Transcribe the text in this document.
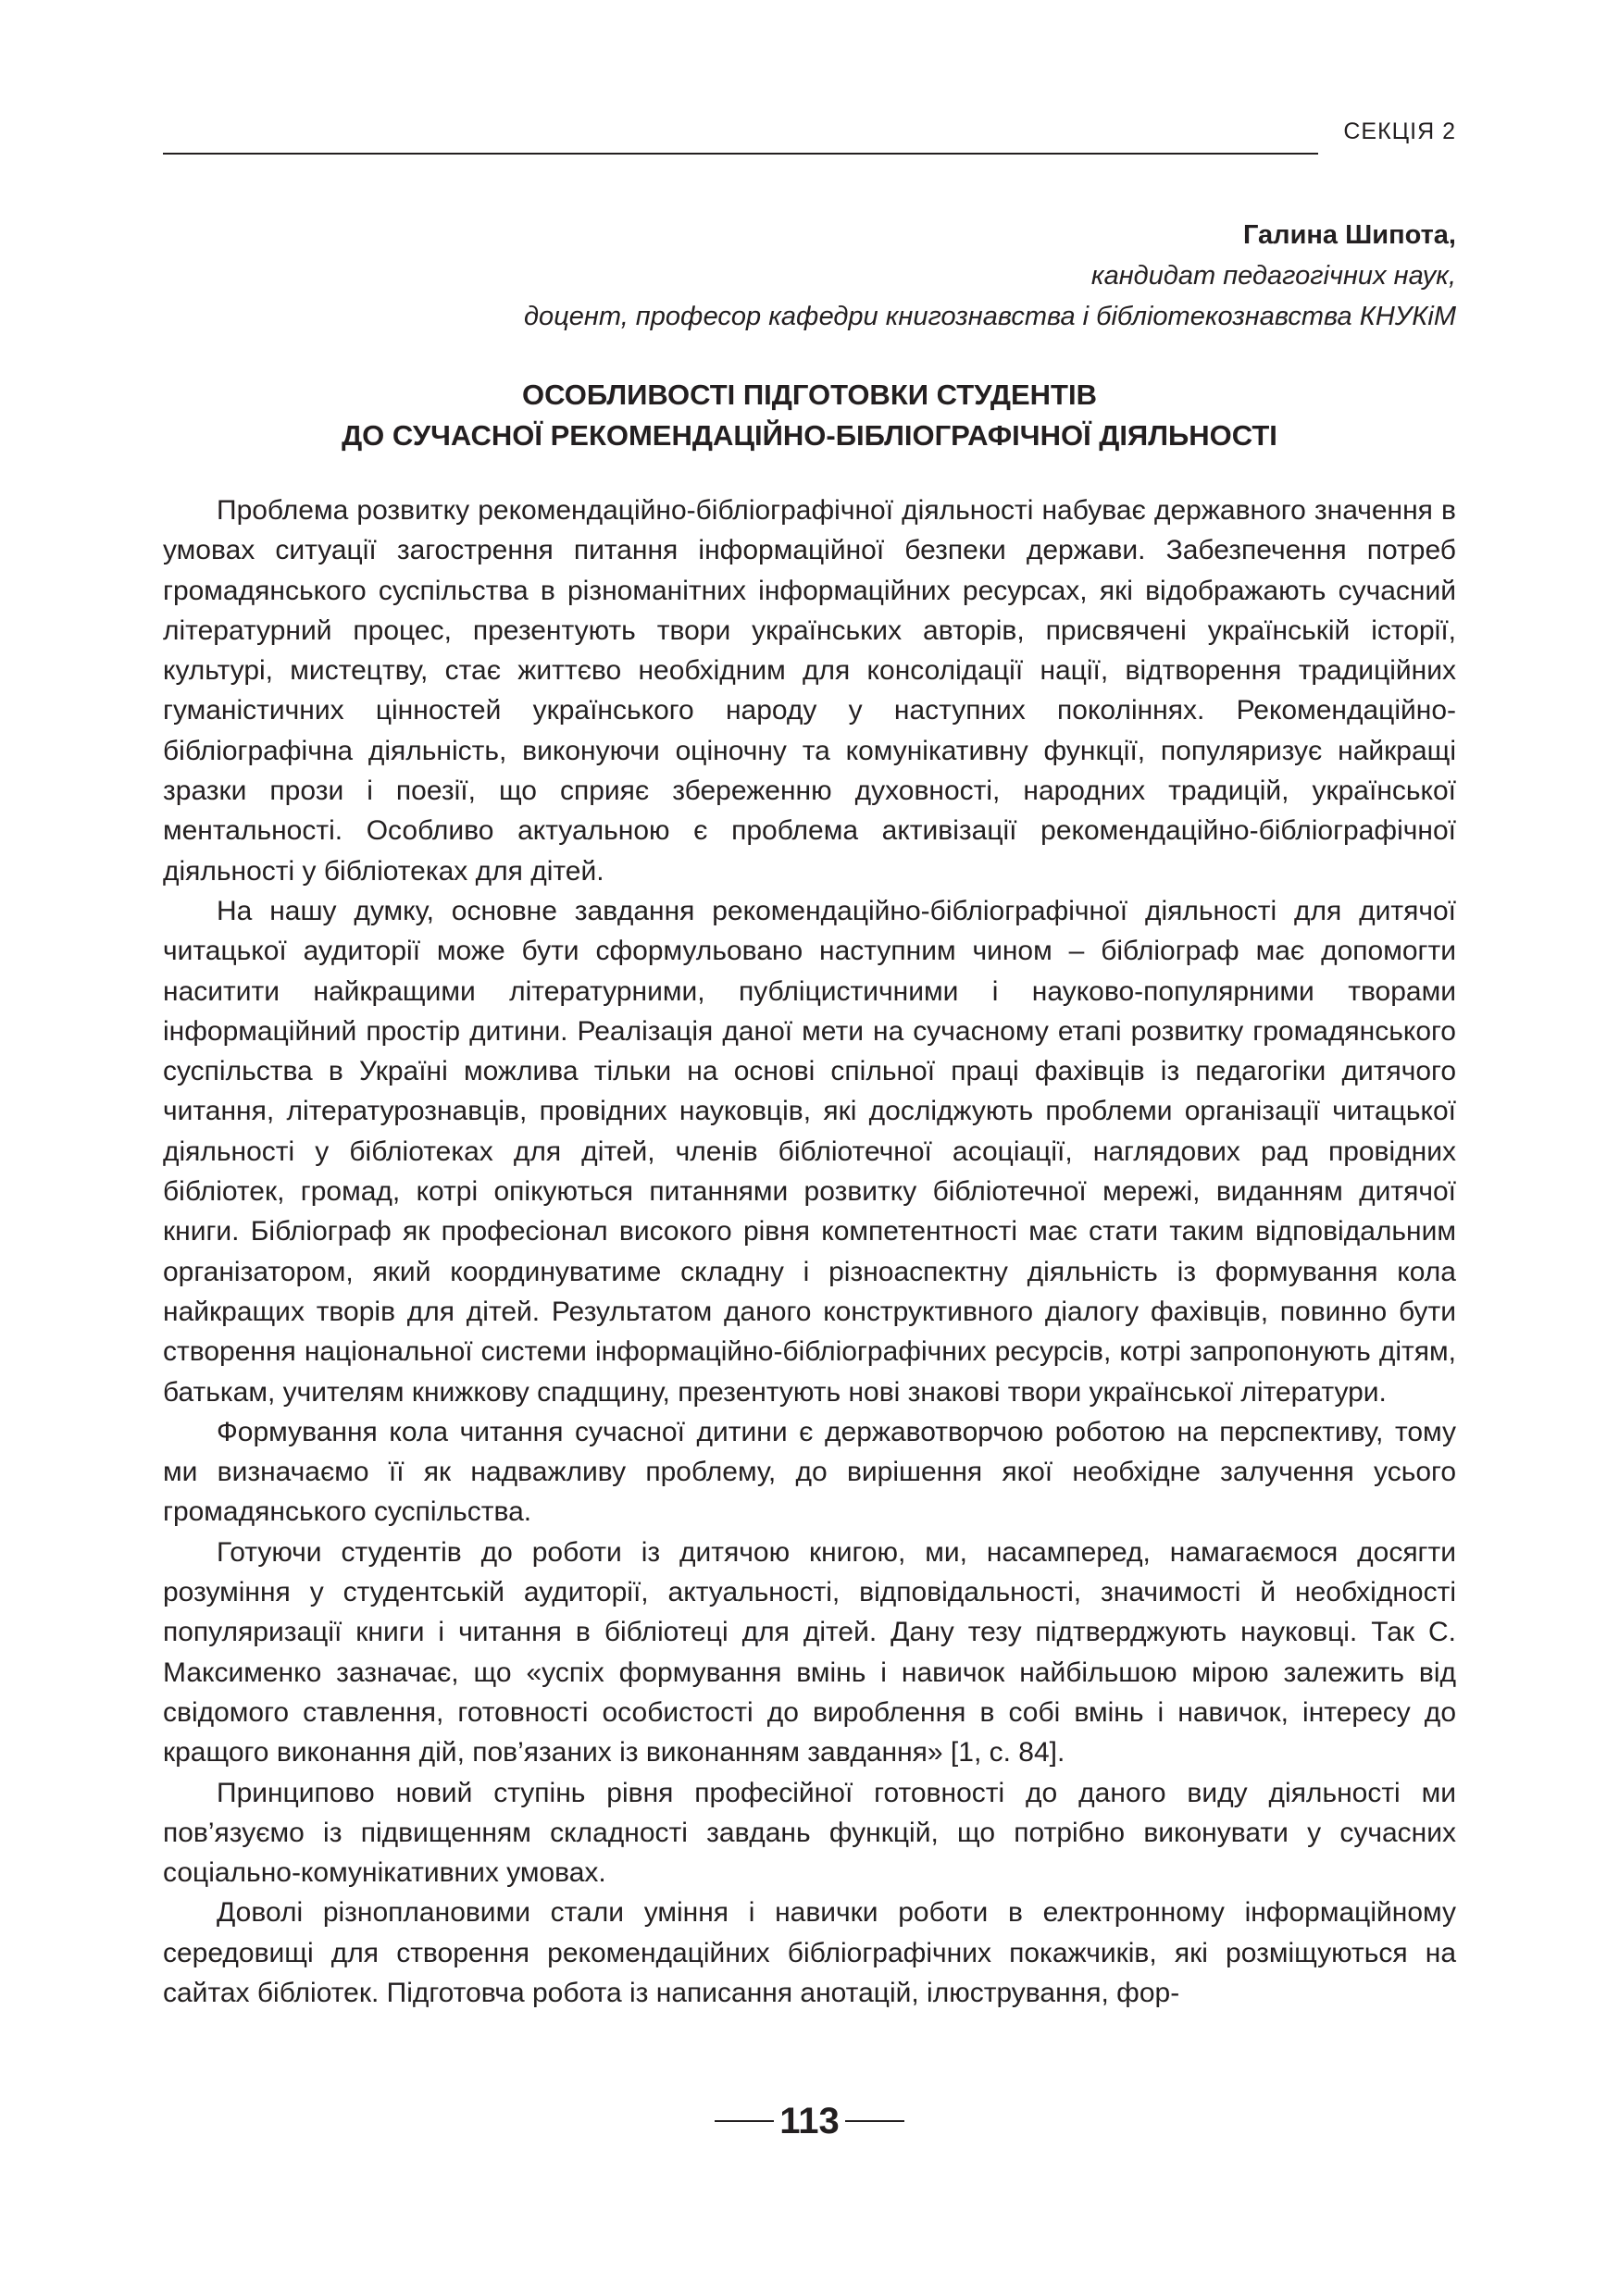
СЕКЦІЯ 2
Галина Шипота,
кандидат педагогічних наук,
доцент, професор кафедри книгознавства і бібліотекознавства КНУКіМ
ОСОБЛИВОСТІ ПІДГОТОВКИ СТУДЕНТІВ
ДО СУЧАСНОЇ РЕКОМЕНДАЦІЙНО-БІБЛІОГРАФІЧНОЇ ДІЯЛЬНОСТІ

Проблема розвитку рекомендаційно-бібліографічної діяльності набуває державного значення в умовах ситуації загострення питання інформаційної безпеки держави. Забезпечення потреб громадянського суспільства в різноманітних інформаційних ресурсах, які відображають сучасний літературний процес, презентують твори українських авторів, присвячені українській історії, культурі, мистецтву, стає життєво необхідним для консолідації нації, відтворення традиційних гуманістичних цінностей українського народу у наступних поколіннях. Рекомендаційно-бібліографічна діяльність, виконуючи оціночну та комунікативну функції, популяризує найкращі зразки прози і поезії, що сприяє збереженню духовності, народних традицій, української ментальності. Особливо актуальною є проблема активізації рекомендаційно-бібліографічної діяльності у бібліотеках для дітей.

На нашу думку, основне завдання рекомендаційно-бібліографічної діяльності для дитячої читацької аудиторії може бути сформульовано наступним чином – бібліограф має допомогти наситити найкращими літературними, публіцистичними і науково-популярними творами інформаційний простір дитини. Реалізація даної мети на сучасному етапі розвитку громадянського суспільства в Україні можлива тільки на основі спільної праці фахівців із педагогіки дитячого читання, літературознавців, провідних науковців, які досліджують проблеми організації читацької діяльності у бібліотеках для дітей, членів бібліотечної асоціації, наглядових рад провідних бібліотек, громад, котрі опікуються питаннями розвитку бібліотечної мережі, виданням дитячої книги. Бібліограф як професіонал високого рівня компетентності має стати таким відповідальним організатором, який координуватиме складну і різноаспектну діяльність із формування кола найкращих творів для дітей. Результатом даного конструктивного діалогу фахівців, повинно бути створення національної системи інформаційно-бібліографічних ресурсів, котрі запропонують дітям, батькам, учителям книжкову спадщину, презентують нові знакові твори української літератури.

Формування кола читання сучасної дитини є державотворчою роботою на перспективу, тому ми визначаємо її як надважливу проблему, до вирішення якої необхідне залучення усього громадянського суспільства.

Готуючи студентів до роботи із дитячою книгою, ми, насамперед, намагаємося досягти розуміння у студентській аудиторії, актуальності, відповідальності, значимості й необхідності популяризації книги і читання в бібліотеці для дітей. Дану тезу підтверджують науковці. Так С. Максименко зазначає, що «успіх формування вмінь і навичок найбільшою мірою залежить від свідомого ставлення, готовності особистості до вироблення в собі вмінь і навичок, інтересу до кращого виконання дій, пов’язаних із виконанням завдання» [1, с. 84].

Принципово новий ступінь рівня професійної готовності до даного виду діяльності ми пов’язуємо із підвищенням складності завдань функцій, що потрібно виконувати у сучасних соціально-комунікативних умовах.

Доволі різноплановими стали уміння і навички роботи в електронному інформаційному середовищі для створення рекомендаційних бібліографічних покажчиків, які розміщуються на сайтах бібліотек. Підготовча робота із написання анотацій, ілюстрування, фор-

113
